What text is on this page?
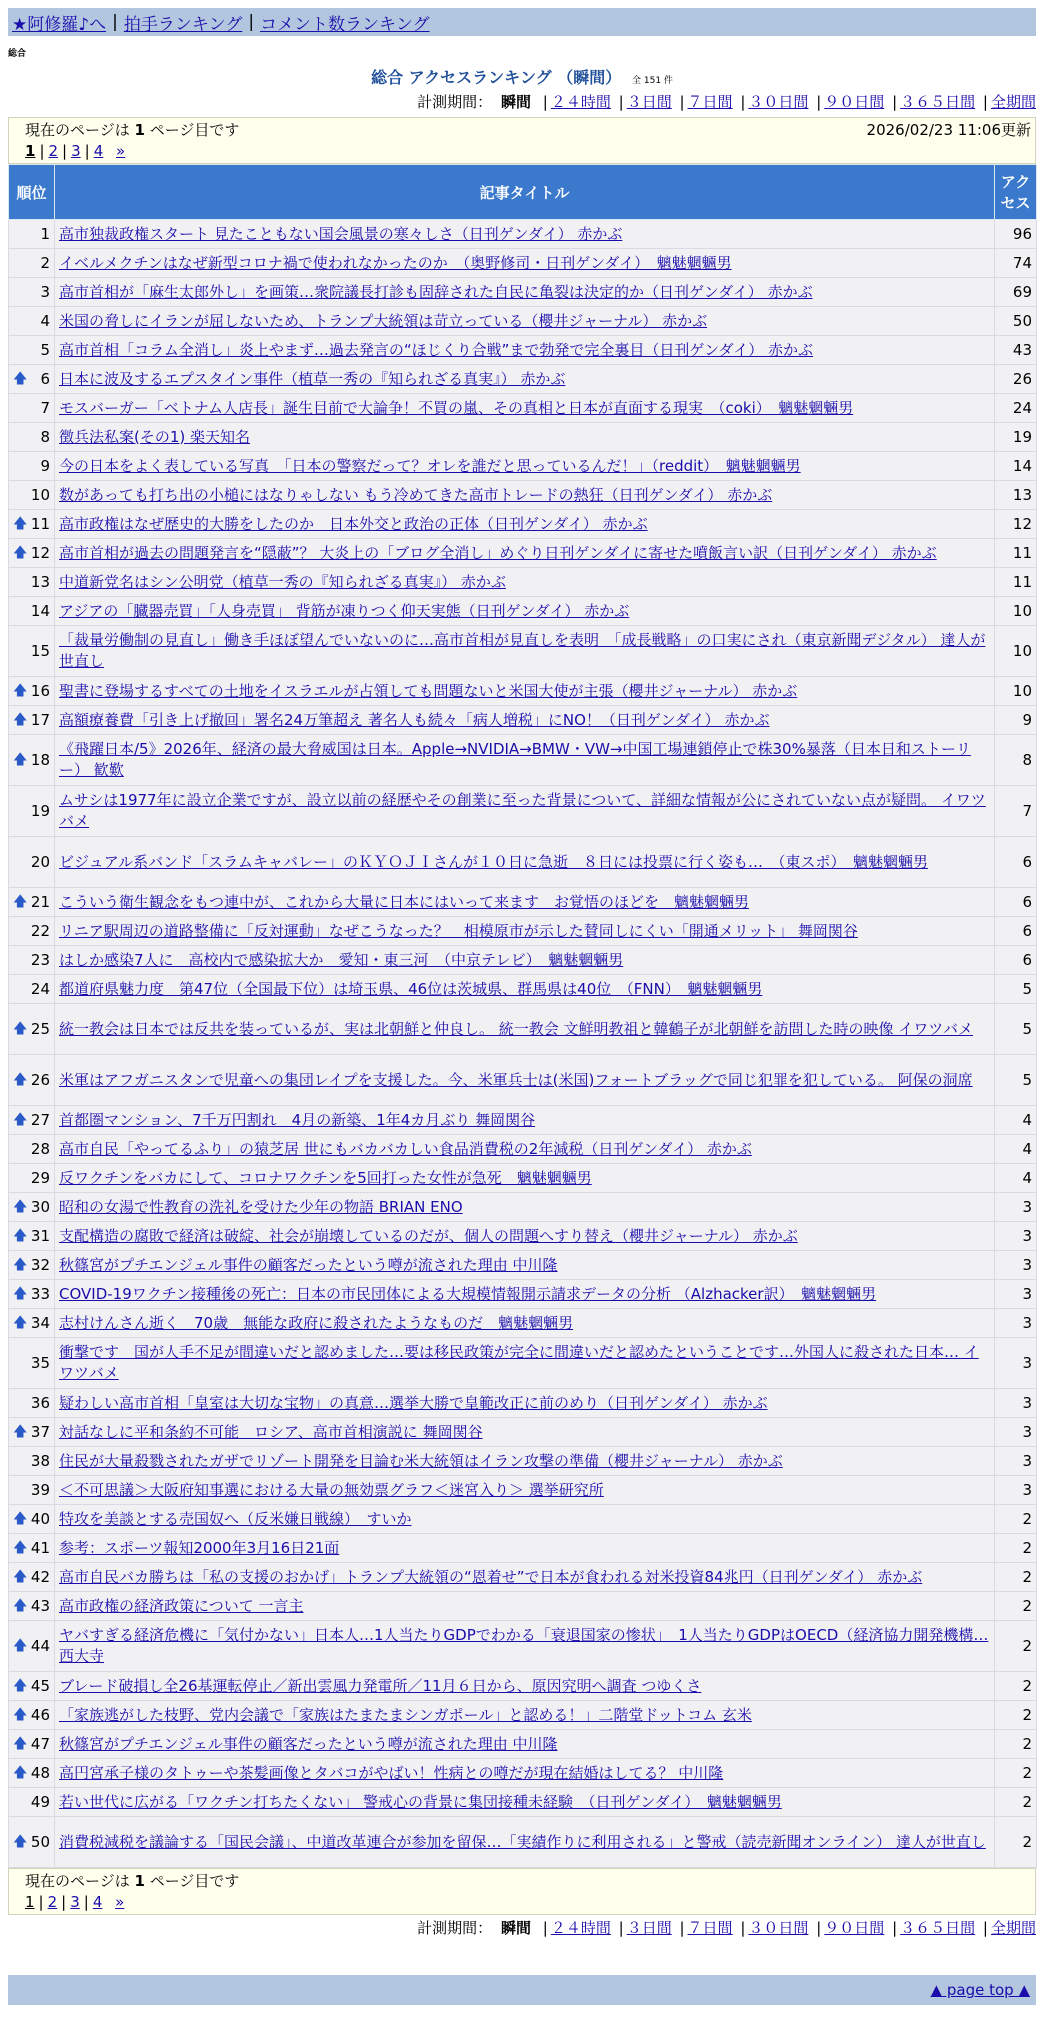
★阿修羅♪へ | 拍手ランキング | コメント数ランキング
総合
総合 アクセスランキング （瞬間） 全 151 件
計測期間： 瞬間 | ２４時間 | ３日間 | ７日間 | ３０日間 | ９０日間 | ３６５日間 | 全期間
現在のページは 1 ページ目です	2026/02/23 11:06更新
1 | 2 | 3 | 4 »
順位	記事タイトル	アクセス
1	高市独裁政権スタート 見たこともない国会風景の寒々しさ（日刊ゲンダイ） 赤かぶ	96
2	イベルメクチンはなぜ新型コロナ禍で使われなかったのか　（奥野修司・日刊ゲンダイ）　魑魅魍魎男	74
3	高市首相が「麻生太郎外し」を画策…衆院議長打診も固辞された自民に亀裂は決定的か（日刊ゲンダイ） 赤かぶ	69
4	米国の脅しにイランが屈しないため、トランプ大統領は苛立っている（櫻井ジャーナル） 赤かぶ	50
5	高市首相「コラム全消し」炎上やまず…過去発言の“ほじくり合戦”まで勃発で完全裏目（日刊ゲンダイ） 赤かぶ	43

🡅 6	日本に波及するエプスタイン事件（植草一秀の『知られざる真実』） 赤かぶ	26
7	モスバーガー「ベトナム人店長」誕生目前で大論争！不買の嵐、その真相と日本が直面する現実　（coki）　魑魅魍魎男	24
8	徴兵法私案(その1) 楽天知名	19
9	今の日本をよく表している写真　「日本の警察だって？オレを誰だと思っているんだ！」（reddit）　魑魅魍魎男	14
10	数があっても打ち出の小槌にはなりゃしない もう冷めてきた高市トレードの熱狂（日刊ゲンダイ） 赤かぶ	13

🡅 11	高市政権はなぜ歴史的大勝をしたのか　日本外交と政治の正体（日刊ゲンダイ） 赤かぶ	12

🡅 12	高市首相が過去の問題発言を“隠蔽”？ 大炎上の「ブログ全消し」めぐり日刊ゲンダイに寄せた噴飯言い訳（日刊ゲンダイ） 赤かぶ	11
13	中道新党名はシン公明党（植草一秀の『知られざる真実』） 赤かぶ	11
14	アジアの「臓器売買」「人身売買」 背筋が凍りつく仰天実態（日刊ゲンダイ） 赤かぶ	10
15	「裁量労働制の見直し」働き手ほぼ望んでいないのに…高市首相が見直しを表明　「成長戦略」の口実にされ（東京新聞デジタル） 達人が世直し	10

🡅 16	聖書に登場するすべての土地をイスラエルが占領しても問題ないと米国大使が主張（櫻井ジャーナル） 赤かぶ	10

🡅 17	高額療養費「引き上げ撤回」署名24万筆超え 著名人も続々「病人増税」にNO！（日刊ゲンダイ） 赤かぶ	9

🡅 18	《飛躍日本/5》2026年、経済の最大脅威国は日本。Apple→NVIDIA→BMW・VW→中国工場連鎖停止で株30%暴落（日本日和ストーリー） 歓歎	8
19	ムサシは1977年に設立企業ですが、設立以前の経歴やその創業に至った背景について、詳細な情報が公にされていない点が疑問。 イワツバメ	7
20	ビジュアル系バンド「スラムキャバレー」のＫＹＯＪＩさんが１０日に急逝　８日には投票に行く姿も…　（東スポ）　魑魅魍魎男	6

🡅 21	こういう衛生観念をもつ連中が、これから大量に日本にはいって来ます　お覚悟のほどを　魑魅魍魎男	6
22	リニア駅周辺の道路整備に「反対運動」なぜこうなった？　相模原市が示した賛同しにくい「開通メリット」 舞岡関谷	6
23	はしか感染7人に　高校内で感染拡大か　愛知・東三河　（中京テレビ）　魑魅魍魎男	6
24	都道府県魅力度　第47位（全国最下位）は埼玉県、46位は茨城県、群馬県は40位　（FNN）　魑魅魍魎男	5

🡅 25	統一教会は日本では反共を装っているが、実は北朝鮮と仲良し。 統一教会 文鮮明教祖と韓鶴子が北朝鮮を訪問した時の映像 イワツバメ	5

🡅 26	米軍はアフガニスタンで児童への集団レイプを支援した。今、米軍兵士は(米国)フォートブラッグで同じ犯罪を犯している。 阿保の洞席	5

🡅 27	首都圏マンション、7千万円割れ　4月の新築、1年4カ月ぶり 舞岡関谷	4
28	高市自民「やってるふり」の猿芝居 世にもバカバカしい食品消費税の2年減税（日刊ゲンダイ） 赤かぶ	4
29	反ワクチンをバカにして、コロナワクチンを5回打った女性が急死　魑魅魍魎男	4

🡅 30	昭和の女湯で性教育の洗礼を受けた少年の物語 BRIAN ENO	3

🡅 31	支配構造の腐敗で経済は破綻、社会が崩壊しているのだが、個人の問題へすり替え（櫻井ジャーナル） 赤かぶ	3

🡅 32	秋篠宮がプチエンジェル事件の顧客だったという噂が流された理由 中川隆	3

🡅 33	COVID-19ワクチン接種後の死亡：日本の市民団体による大規模情報開示請求データの分析 （Alzhacker訳）　魑魅魍魎男	3

🡅 34	志村けんさん逝く　70歳　無能な政府に殺されたようなものだ　魑魅魍魎男	3
35	衝撃です　国が人手不足が間違いだと認めました…要は移民政策が完全に間違いだと認めたということです…外国人に殺された日本… イワツバメ	3
36	疑わしい高市首相「皇室は大切な宝物」の真意…選挙大勝で皇範改正に前のめり（日刊ゲンダイ） 赤かぶ	3

🡅 37	対話なしに平和条約不可能　ロシア、高市首相演説に 舞岡関谷	3
38	住民が大量殺戮されたガザでリゾート開発を目論む米大統領はイラン攻撃の準備（櫻井ジャーナル） 赤かぶ	3
39	＜不可思議＞大阪府知事選における大量の無効票グラフ＜迷宮入り＞ 選挙研究所	3

🡅 40	特攻を美談とする売国奴へ（反米嫌日戦線）　すいか	2

🡅 41	参考：スポーツ報知2000年3月16日21面	2

🡅 42	高市自民バカ勝ちは「私の支援のおかげ」トランプ大統領の“恩着せ”で日本が食われる対米投資84兆円（日刊ゲンダイ） 赤かぶ	2

🡅 43	高市政権の経済政策について 一言主	2

🡅 44	ヤバすぎる経済危機に「気付かない」日本人…1人当たりGDPでわかる「衰退国家の惨状」　1人当たりGDPはOECD（経済協力開発機構… 西大寺	2

🡅 45	ブレード破損し全26基運転停止／新出雲風力発電所／11月６日から、原因究明へ調査 つゆくさ	2

🡅 46	「家族逃がした枝野、党内会議で「家族はたまたまシンガポール」と認める！」二階堂ドットコム 玄米	2

🡅 47	秋篠宮がプチエンジェル事件の顧客だったという噂が流された理由 中川隆	2

🡅 48	高円宮承子様のタトゥーや茶髪画像とタバコがやばい！性病との噂だが現在結婚はしてる？ 中川隆	2
49	若い世代に広がる「ワクチン打ちたくない」 警戒心の背景に集団接種未経験　（日刊ゲンダイ）　魑魅魍魎男	2

🡅 50	消費税減税を議論する「国民会議」、中道改革連合が参加を留保…「実績作りに利用される」と警戒（読売新聞オンライン） 達人が世直し	2
現在のページは 1 ページ目です
1 | 2 | 3 | 4 »
計測期間： 瞬間 | ２４時間 | ３日間 | ７日間 | ３０日間 | ９０日間 | ３６５日間 | 全期間
▲ page top ▲
